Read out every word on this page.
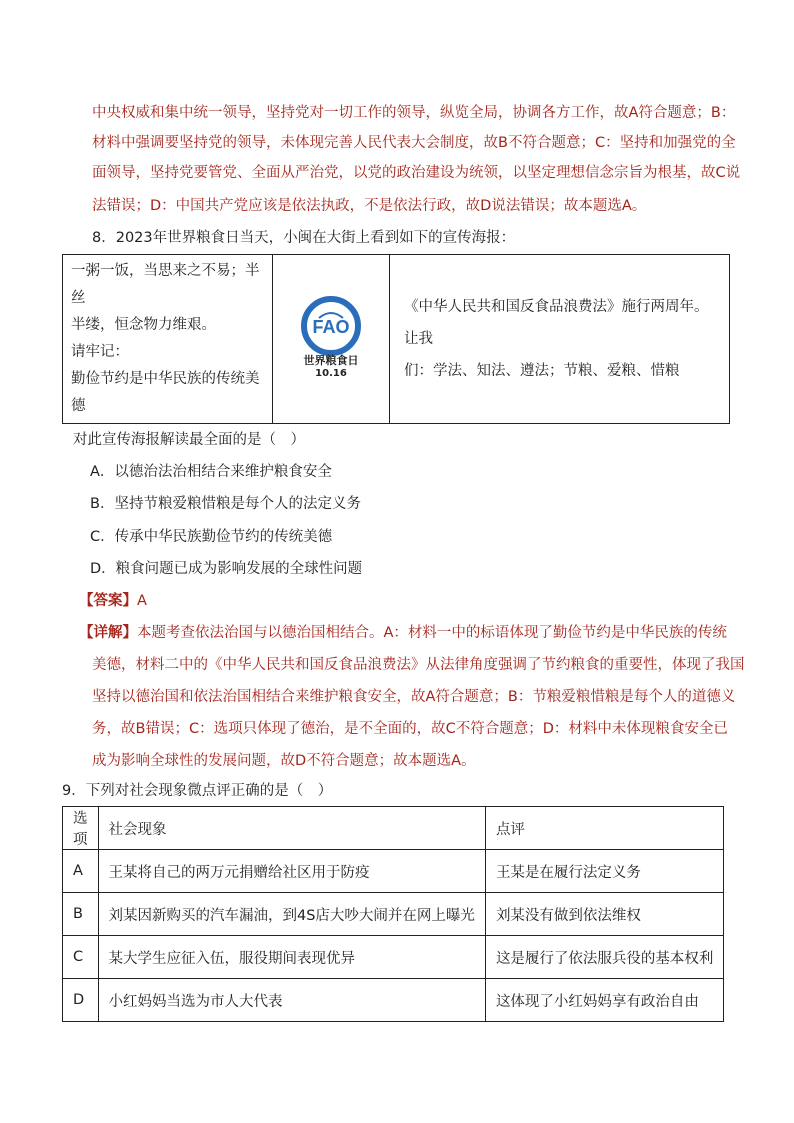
中央权威和集中统一领导，坚持党对一切工作的领导，纵览全局，协调各方工作，故A符合题意；B：
材料中强调要坚持党的领导，未体现完善人民代表大会制度，故B不符合题意；C：坚持和加强党的全
面领导，坚持党要管党、全面从严治党，以党的政治建设为统领，以坚定理想信念宗旨为根基，故C说
法错误；D：中国共产党应该是依法执政，不是依法行政，故D说法错误；故本题选A。
8．2023年世界粮食日当天，小闽在大街上看到如下的宣传海报：
一粥一饭，当思来之不易；半丝
半缕，恒念物力维艰。
请牢记：
勤俭节约是中华民族的传统美
德

FAO
世界粮食日
10.16

《中华人民共和国反食品浪费法》施行两周年。让我
们：学法、知法、遵法；节粮、爱粮、惜粮
对此宣传海报解读最全面的是（　）
A．以德治法治相结合来维护粮食安全
B．坚持节粮爱粮惜粮是每个人的法定义务
C．传承中华民族勤俭节约的传统美德
D．粮食问题已成为影响发展的全球性问题
【答案】A
【详解】本题考查依法治国与以德治国相结合。A：材料一中的标语体现了勤俭节约是中华民族的传统
美德，材料二中的《中华人民共和国反食品浪费法》从法律角度强调了节约粮食的重要性，体现了我国
坚持以德治国和依法治国相结合来维护粮食安全，故A符合题意；B：节粮爱粮惜粮是每个人的道德义
务，故B错误；C：选项只体现了德治，是不全面的，故C不符合题意；D：材料中未体现粮食安全已
成为影响全球性的发展问题，故D不符合题意；故本题选A。
9．下列对社会现象微点评正确的是（　）
选项	社会现象	点评
A	王某将自己的两万元捐赠给社区用于防疫	王某是在履行法定义务
B	刘某因新购买的汽车漏油，到4S店大吵大闹并在网上曝光	刘某没有做到依法维权
C	某大学生应征入伍，服役期间表现优异	这是履行了依法服兵役的基本权利
D	小红妈妈当选为市人大代表	这体现了小红妈妈享有政治自由
